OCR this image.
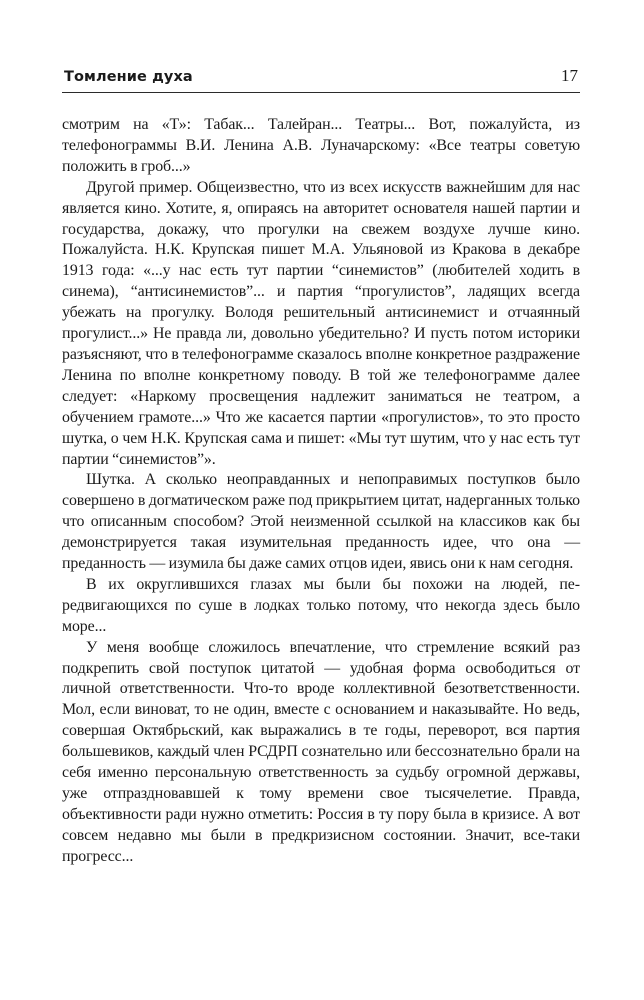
Томление духа	17

смотрим на «Т»: Табак... Талейран... Театры... Вот, пожалуйста, из телефонограммы В.И. Ленина А.В. Луначарскому: «Все театры советую положить в гроб...»

Другой пример. Общеизвестно, что из всех искусств важнейшим для нас является кино. Хотите, я, опираясь на авторитет основателя нашей партии и государства, докажу, что прогулки на свежем воздухе лучше кино. Пожалуйста. Н.К. Крупская пишет М.А. Ульяновой из Кракова в декабре 1913 года: «...у нас есть тут партии “синемистов” (любителей ходить в синема), “антисинемистов”... и партия “прогулистов”, ладящих всегда убежать на прогулку. Володя решительный антисинемист и отчаянный прогулист...» Не правда ли, довольно убедительно? И пусть потом историки разъясняют, что в телефонограмме сказалось вполне конкретное раздражение Ленина по вполне конкретному поводу. В той же телефонограмме далее следует: «Наркому просвещения надлежит заниматься не театром, а обучением грамоте...» Что же касается партии «прогулистов», то это просто шутка, о чем Н.К. Крупская сама и пишет: «Мы тут шутим, что у нас есть тут партии “синемистов”».

Шутка. А сколько неоправданных и непоправимых поступков было совершено в догматическом раже под прикрытием цитат, надерганных только что описанным способом? Этой неизменной ссылкой на классиков как бы демонстрируется такая изумительная преданность идее, что она — преданность — изумила бы даже самих отцов идеи, явись они к нам сегодня.

В их округлившихся глазах мы были бы похожи на людей, передвигающихся по суше в лодках только потому, что некогда здесь было море...

У меня вообще сложилось впечатление, что стремление всякий раз подкрепить свой поступок цитатой — удобная форма освободиться от личной ответственности. Что-то вроде коллективной безответственности. Мол, если виноват, то не один, вместе с основанием и наказывайте. Но ведь, совершая Октябрьский, как выражались в те годы, переворот, вся партия большевиков, каждый член РСДРП сознательно или бессознательно брали на себя именно персональную ответственность за судьбу огромной державы, уже отпраздновавшей к тому времени свое тысячелетие. Правда, объективности ради нужно отметить: Россия в ту пору была в кризисе. А вот совсем недавно мы были в предкризисном состоянии. Значит, все-таки прогресс...
